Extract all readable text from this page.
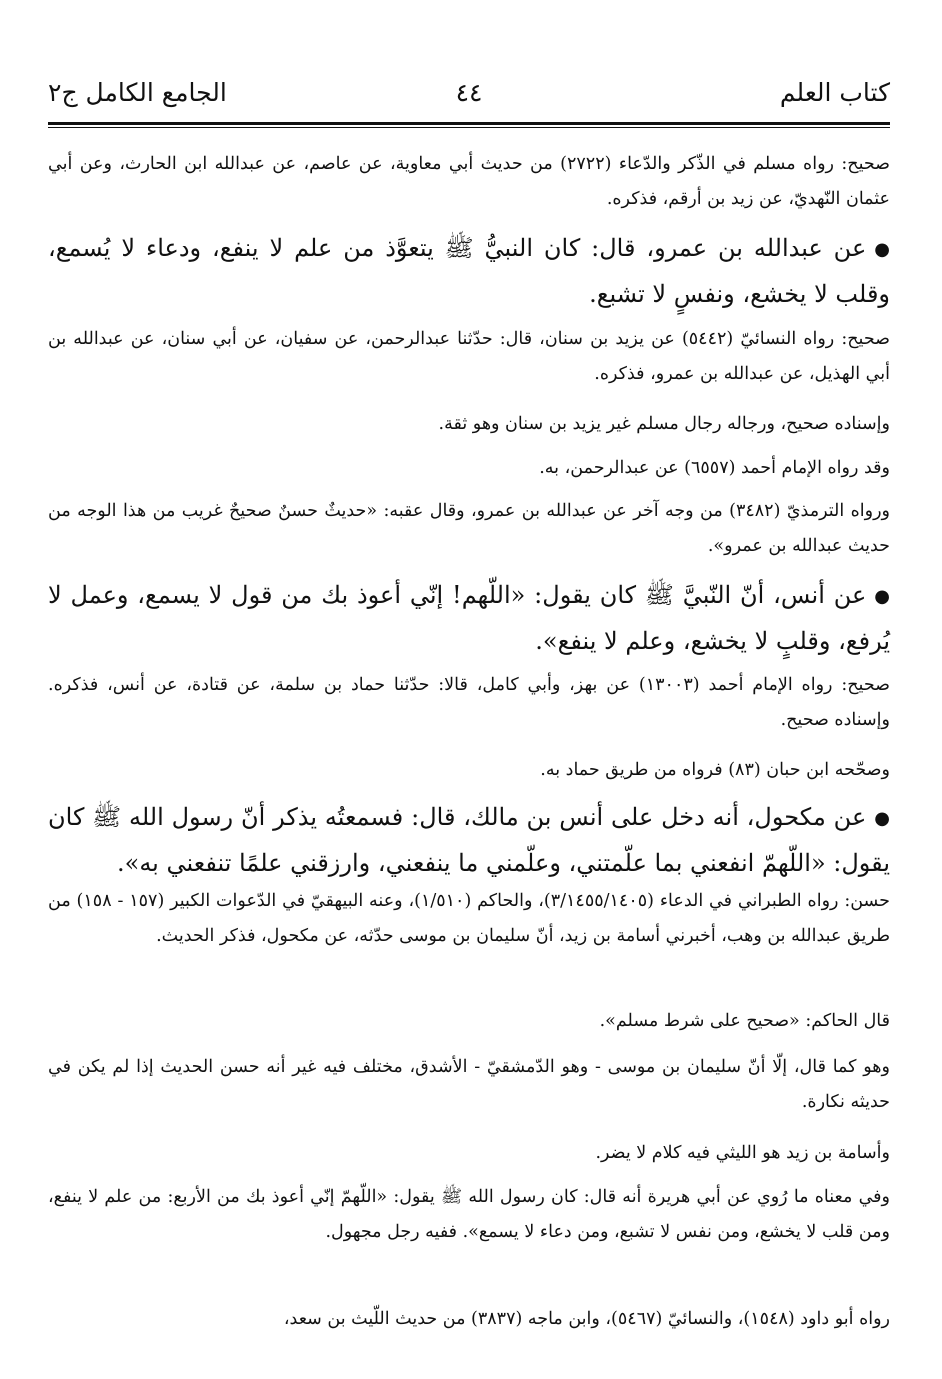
كتاب العلم
٤٤
الجامع الكامل ج٢
صحيح: رواه مسلم في الذّكر والدّعاء (٢٧٢٢) من حديث أبي معاوية، عن عاصم، عن عبدالله ابن الحارث، وعن أبي عثمان النّهديّ، عن زيد بن أرقم، فذكره.
●عن عبدالله بن عمرو، قال: كان النبيُّ ﷺ يتعوَّذ من علم لا ينفع، ودعاء لا يُسمع، وقلب لا يخشع، ونفسٍ لا تشبع.
صحيح: رواه النسائيّ (٥٤٤٢) عن يزيد بن سنان، قال: حدّثنا عبدالرحمن، عن سفيان، عن أبي سنان، عن عبدالله بن أبي الهذيل، عن عبدالله بن عمرو، فذكره.
وإسناده صحيح، ورجاله رجال مسلم غير يزيد بن سنان وهو ثقة.
وقد رواه الإمام أحمد (٦٥٥٧) عن عبدالرحمن، به.
ورواه الترمذيّ (٣٤٨٢) من وجه آخر عن عبدالله بن عمرو، وقال عقبه: «حديثٌ حسنٌ صحيحٌ غريب من هذا الوجه من حديث عبدالله بن عمرو».
●عن أنس، أنّ النّبيَّ ﷺ كان يقول: «اللّهم! إنّي أعوذ بك من قول لا يسمع، وعمل لا يُرفع، وقلبٍ لا يخشع، وعلم لا ينفع».
صحيح: رواه الإمام أحمد (١٣٠٠٣) عن بهز، وأبي كامل، قالا: حدّثنا حماد بن سلمة، عن قتادة، عن أنس، فذكره. وإسناده صحيح.
وصحّحه ابن حبان (٨٣) فرواه من طريق حماد به.
●عن مكحول، أنه دخل على أنس بن مالك، قال: فسمعتُه يذكر أنّ رسول الله ﷺ كان يقول: «اللّهمّ انفعني بما علّمتني، وعلّمني ما ينفعني، وارزقني علمًا تنفعني به».
حسن: رواه الطبراني في الدعاء (٣/١٤٥٥/١٤٠٥)، والحاكم (١/٥١٠)، وعنه البيهقيّ في الدّعوات الكبير (١٥٧ - ١٥٨) من طريق عبدالله بن وهب، أخبرني أسامة بن زيد، أنّ سليمان بن موسى حدّثه، عن مكحول، فذكر الحديث.
قال الحاكم: «صحيح على شرط مسلم».
وهو كما قال، إلّا أنّ سليمان بن موسى - وهو الدّمشقيّ - الأشدق، مختلف فيه غير أنه حسن الحديث إذا لم يكن في حديثه نكارة.
وأسامة بن زيد هو الليثي فيه كلام لا يضر.
وفي معناه ما رُوي عن أبي هريرة أنه قال: كان رسول الله ﷺ يقول: «اللّهمّ إنّي أعوذ بك من الأربع: من علم لا ينفع، ومن قلب لا يخشع، ومن نفس لا تشبع، ومن دعاء لا يسمع». ففيه رجل مجهول.
رواه أبو داود (١٥٤٨)، والنسائيّ (٥٤٦٧)، وابن ماجه (٣٨٣٧) من حديث اللّيث بن سعد،
